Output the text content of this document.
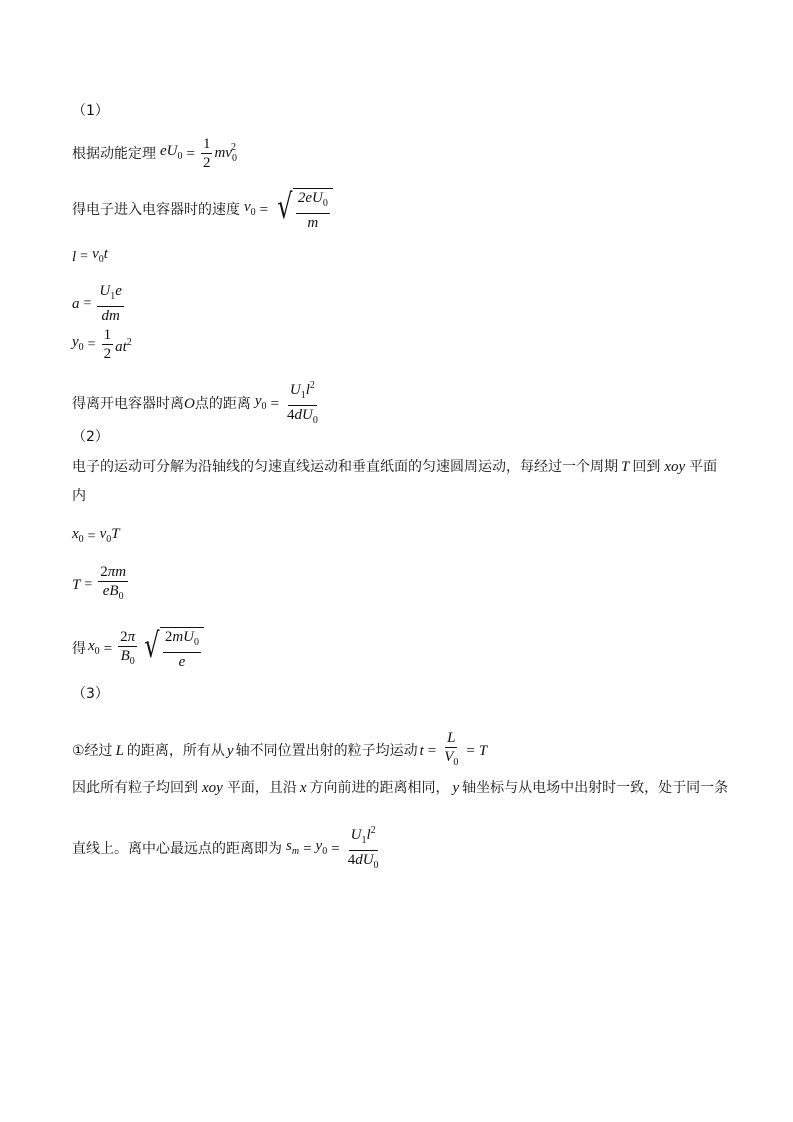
（1）
根据动能定理 $eU_0 = \frac{1}{2} mv_0^2$
得电子进入电容器时的速度 $v_0$ = √ $\frac{2eU_0}{m}$
$l = v_0t$
$a = \frac{U_1e}{dm}$
$y_0 = \frac{1}{2} at^2$
得离开电容器时离 O 点的距离 $y_0 = \frac{U_1l^2}{4dU_0}$
（2）
电子的运动可分解为沿轴线的匀速直线运动和垂直纸面的匀速圆周运动，每经过一个周期 T 回到 xoy 平面
内
$x_0 = v_0T$
$T = \frac{2\pi m}{eB_0}$
得 $x_0 = \frac{2\pi}{B_0}$ √ $\frac{2mU_0}{e}$
（3）
①经过 L 的距离，所有从 y 轴不同位置出射的粒子均运动 $t = \frac{L}{V_0} = T$
因此所有粒子均回到 xoy 平面，且沿 x 方向前进的距离相同， y 轴坐标与从电场中出射时一致，处于同一条
直线上。离中心最远点的距离即为 $s_m = y_0 = \frac{U_1l^2}{4dU_0}$
